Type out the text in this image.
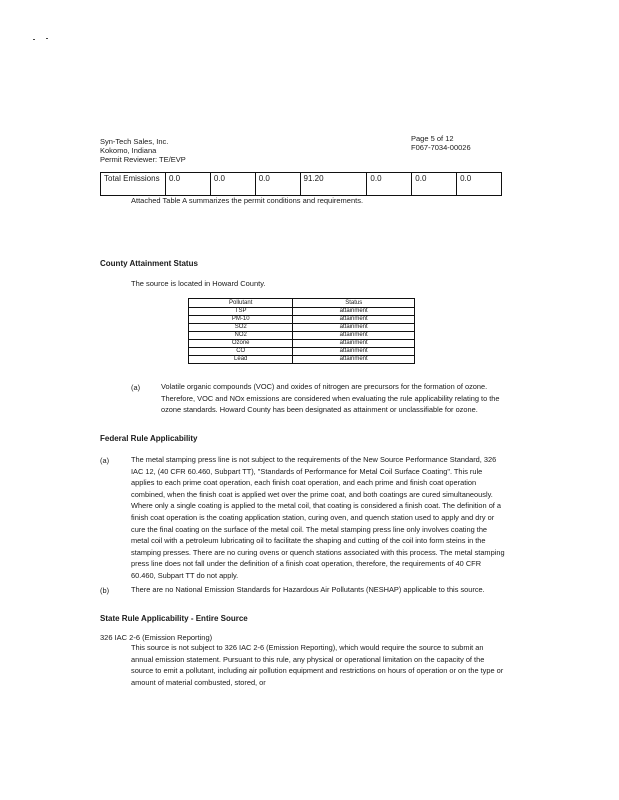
Syn-Tech Sales, Inc.
Kokomo, Indiana
Permit Reviewer: TE/EVP
Page 5 of 12
F067-7034-00026
Total Emissions	0.0	0.0	0.0	91.20	0.0	0.0	0.0
Attached Table A summarizes the permit conditions and requirements.
County Attainment Status
The source is located in Howard County.
Pollutant	Status
TSP	attainment
PM-10	attainment
SO2	attainment
NO2	attainment
Ozone	attainment
CO	attainment
Lead	attainment
(a)	Volatile organic compounds (VOC) and oxides of nitrogen are precursors for the formation of ozone. Therefore, VOC and NOx emissions are considered when evaluating the rule applicability relating to the ozone standards. Howard County has been designated as attainment or unclassifiable for ozone.
Federal Rule Applicability
(a)	The metal stamping press line is not subject to the requirements of the New Source Performance Standard, 326 IAC 12, (40 CFR 60.460, Subpart TT), "Standards of Performance for Metal Coil Surface Coating". This rule applies to each prime coat operation, each finish coat operation, and each prime and finish coat operation combined, when the finish coat is applied wet over the prime coat, and both coatings are cured simultaneously. Where only a single coating is applied to the metal coil, that coating is considered a finish coat. The definition of a finish coat operation is the coating application station, curing oven, and quench station used to apply and dry or cure the final coating on the surface of the metal coil. The metal stamping press line only involves coating the metal coil with a petroleum lubricating oil to facilitate the shaping and cutting of the coil into form steins in the stamping presses. There are no curing ovens or quench stations associated with this process. The metal stamping press line does not fall under the definition of a finish coat operation, therefore, the requirements of 40 CFR 60.460, Subpart TT do not apply.
(b)	There are no National Emission Standards for Hazardous Air Pollutants (NESHAP) applicable to this source.
State Rule Applicability - Entire Source
326 IAC 2-6 (Emission Reporting)
This source is not subject to 326 IAC 2-6 (Emission Reporting), which would require the source to submit an annual emission statement. Pursuant to this rule, any physical or operational limitation on the capacity of the source to emit a pollutant, including air pollution equipment and restrictions on hours of operation or on the type or amount of material combusted, stored, or
